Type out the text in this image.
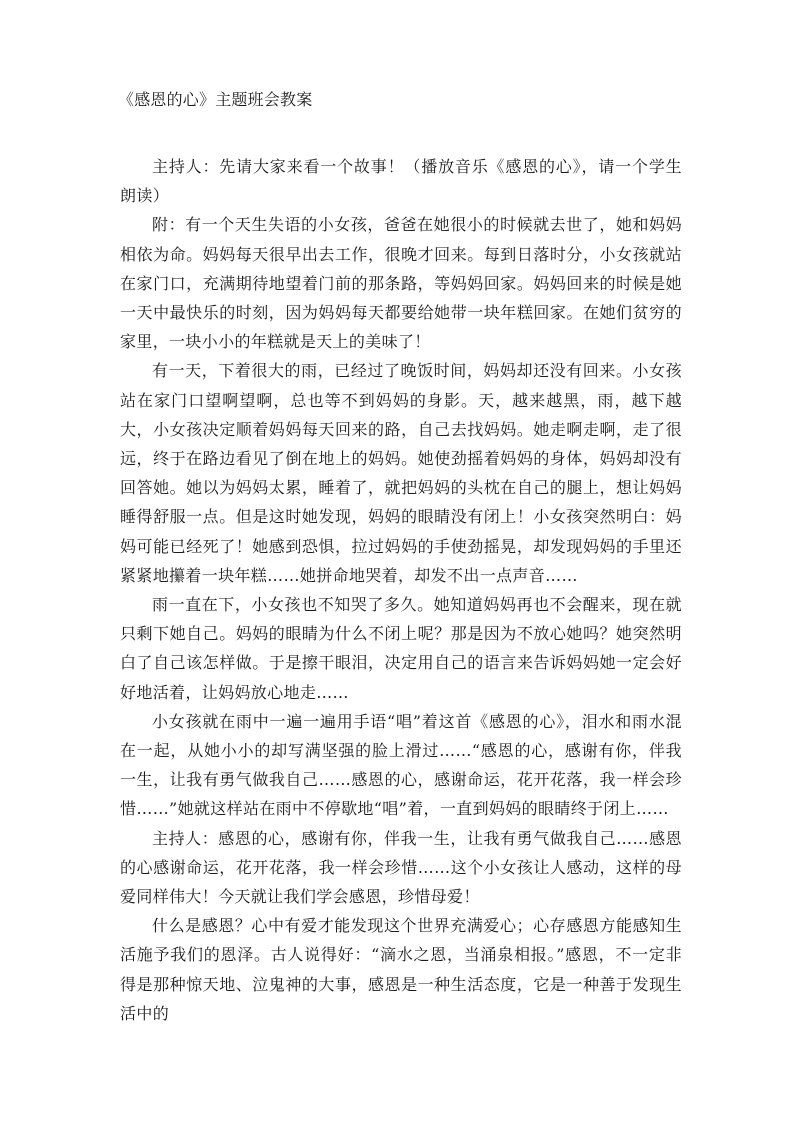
《感恩的心》主题班会教案

主持人：先请大家来看一个故事！（播放音乐《感恩的心》，请一个学生朗读）

附：有一个天生失语的小女孩，爸爸在她很小的时候就去世了，她和妈妈相依为命。妈妈每天很早出去工作，很晚才回来。每到日落时分，小女孩就站在家门口，充满期待地望着门前的那条路，等妈妈回家。妈妈回来的时候是她一天中最快乐的时刻，因为妈妈每天都要给她带一块年糕回家。在她们贫穷的家里，一块小小的年糕就是天上的美味了！

有一天，下着很大的雨，已经过了晚饭时间，妈妈却还没有回来。小女孩站在家门口望啊望啊，总也等不到妈妈的身影。天，越来越黑，雨，越下越大，小女孩决定顺着妈妈每天回来的路，自己去找妈妈。她走啊走啊，走了很远，终于在路边看见了倒在地上的妈妈。她使劲摇着妈妈的身体，妈妈却没有回答她。她以为妈妈太累，睡着了，就把妈妈的头枕在自己的腿上，想让妈妈睡得舒服一点。但是这时她发现，妈妈的眼睛没有闭上！小女孩突然明白：妈妈可能已经死了！她感到恐惧，拉过妈妈的手使劲摇晃，却发现妈妈的手里还紧紧地攥着一块年糕……她拼命地哭着，却发不出一点声音……

雨一直在下，小女孩也不知哭了多久。她知道妈妈再也不会醒来，现在就只剩下她自己。妈妈的眼睛为什么不闭上呢？那是因为不放心她吗？她突然明白了自己该怎样做。于是擦干眼泪，决定用自己的语言来告诉妈妈她一定会好好地活着，让妈妈放心地走……

小女孩就在雨中一遍一遍用手语“唱”着这首《感恩的心》，泪水和雨水混在一起，从她小小的却写满坚强的脸上滑过……“感恩的心，感谢有你，伴我一生，让我有勇气做我自己……感恩的心，感谢命运，花开花落，我一样会珍惜……”她就这样站在雨中不停歇地“唱”着，一直到妈妈的眼睛终于闭上……

主持人：感恩的心，感谢有你，伴我一生，让我有勇气做我自己……感恩的心感谢命运，花开花落，我一样会珍惜……这个小女孩让人感动，这样的母爱同样伟大！今天就让我们学会感恩，珍惜母爱！

什么是感恩？心中有爱才能发现这个世界充满爱心；心存感恩方能感知生活施予我们的恩泽。古人说得好：“滴水之恩，当涌泉相报。”感恩，不一定非得是那种惊天地、泣鬼神的大事，感恩是一种生活态度，它是一种善于发现生活中的
